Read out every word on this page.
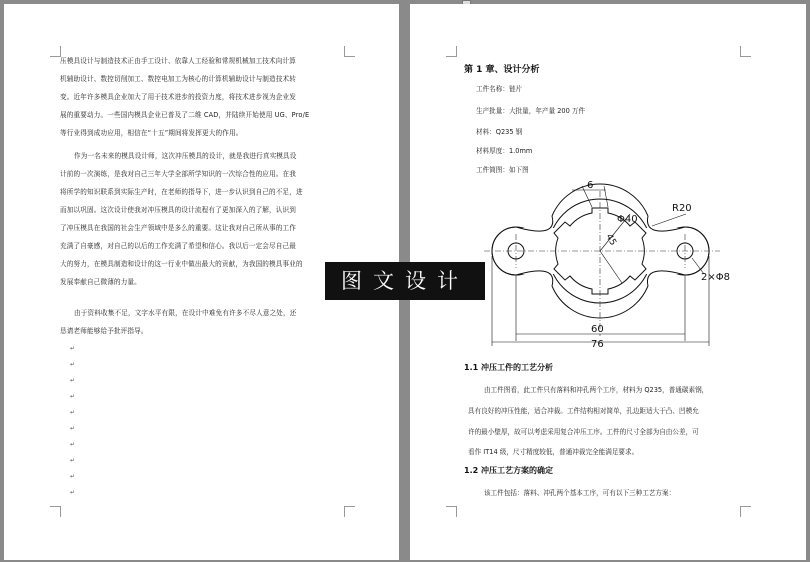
压模具设计与制造技术正由手工设计、依靠人工经验和常规机械加工技术向计算
机辅助设计、数控切削加工、数控电加工为核心的计算机辅助设计与制造技术转
变。近年许多模具企业加大了用于技术进步的投资力度，将技术进步视为企业发
展的重要动力。一些国内模具企业已普及了二维 CAD，并陆续开始使用 UG、Pro/E
等行业得到成功应用，相信在“十五”期间将发挥更大的作用。
作为一名未来的模具设计师，这次冲压模具的设计，就是我进行真实模具设
计前的一次演练，是我对自己三年大学全部所学知识的一次综合性的应用。在我
将所学的知识联系到实际生产时，在老师的指导下，进一步认识到自己的不足，进
而加以巩固。这次设计使我对冲压模具的设计流程有了更加深入的了解，认识到
了冲压模具在我国的社会生产领域中是多么的重要。这让我对自己所从事的工作
充满了自豪感，对自己的以后的工作充满了希望和信心。我以后一定会尽自己最
大的努力，在模具制造和设计的这一行业中做出最大的贡献，为我国的模具事业的
发展奉献自己微薄的力量。
由于资料收集不足，文字水平有限，在设计中难免有许多不尽人意之处，还
恳请老师能够给予批评指导。
↵
↵
↵
↵
↵
↵
↵
↵
↵
↵
第 1 章、设计分析
工件名称：链片
生产批量：大批量，年产量 200 万件
材料：Q235 钢
材料厚度：1.0mm
工件简图：如下图
1.1 冲压工件的工艺分析
由工件图看，此工件只有落料和冲孔两个工序，材料为 Q235，普通碳素钢，
具有良好的冲压性能，适合冲裁。工件结构相对简单，孔边距适大于凸、凹模允
许的最小壁厚，故可以考虑采用复合冲压工序。工件的尺寸全部为自由公差，可
看作 IT14 级，尺寸精度较低，普通冲裁完全能满足要求。
1.2 冲压工艺方案的确定
该工件包括：落料、冲孔两个基本工序，可有以下三种工艺方案：
6
Φ40
45
R20
2×Φ8
60
76
图文设计
